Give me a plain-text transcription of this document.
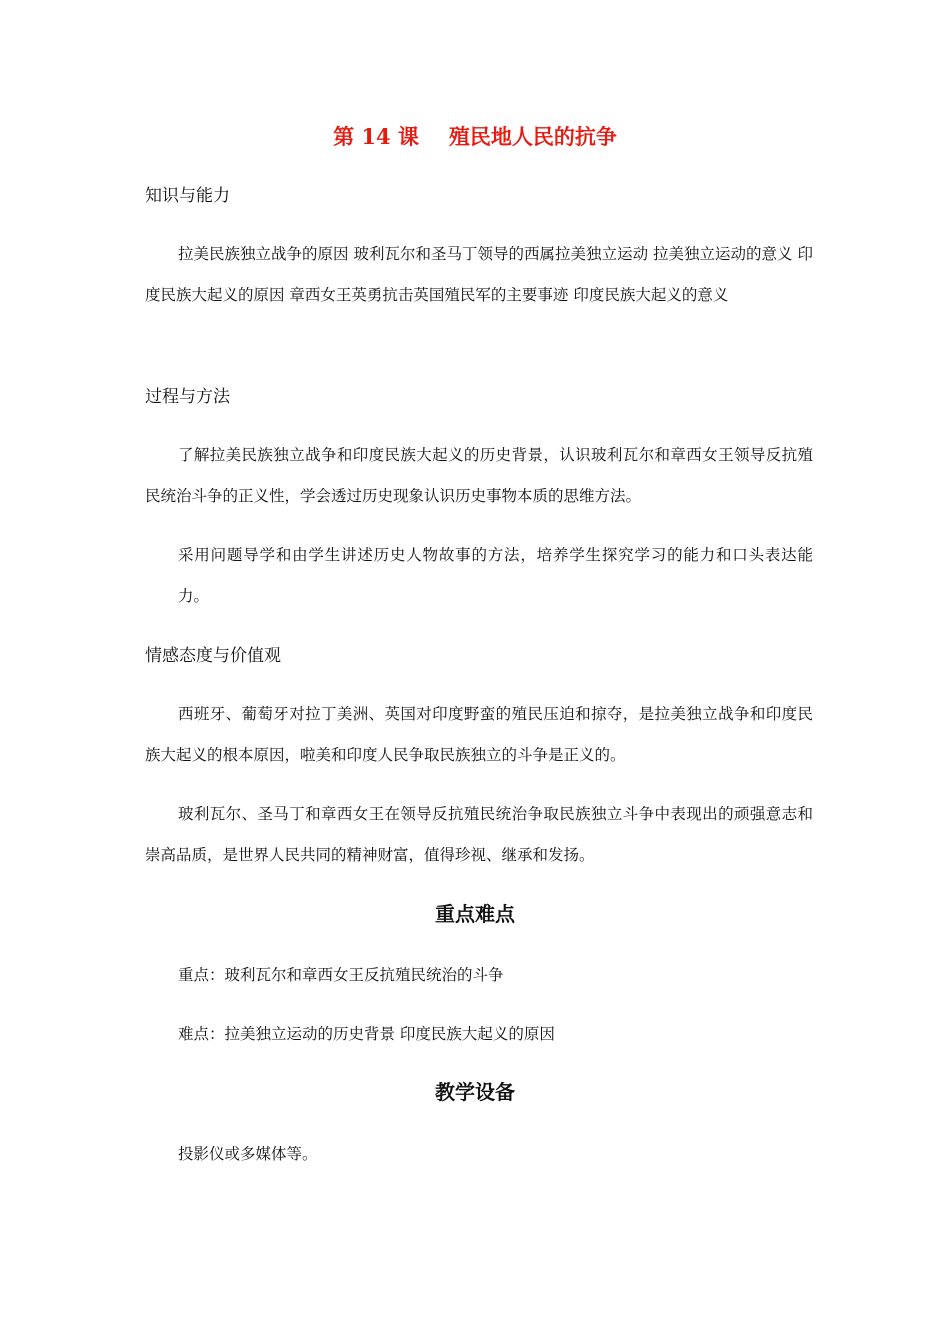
第 14 课 殖民地人民的抗争
知识与能力

拉美民族独立战争的原因 玻利瓦尔和圣马丁领导的西属拉美独立运动 拉美独立运动的意义 印度民族大起义的原因 章西女王英勇抗击英国殖民军的主要事迹 印度民族大起义的意义

过程与方法

了解拉美民族独立战争和印度民族大起义的历史背景，认识玻利瓦尔和章西女王领导反抗殖民统治斗争的正义性，学会透过历史现象认识历史事物本质的思维方法。

采用问题导学和由学生讲述历史人物故事的方法，培养学生探究学习的能力和口头表达能力。

情感态度与价值观

西班牙、葡萄牙对拉丁美洲、英国对印度野蛮的殖民压迫和掠夺，是拉美独立战争和印度民族大起义的根本原因，啦美和印度人民争取民族独立的斗争是正义的。

玻利瓦尔、圣马丁和章西女王在领导反抗殖民统治争取民族独立斗争中表现出的顽强意志和崇高品质，是世界人民共同的精神财富，值得珍视、继承和发扬。

重点难点
重点：玻利瓦尔和章西女王反抗殖民统治的斗争
难点：拉美独立运动的历史背景 印度民族大起义的原因
教学设备
投影仪或多媒体等。
